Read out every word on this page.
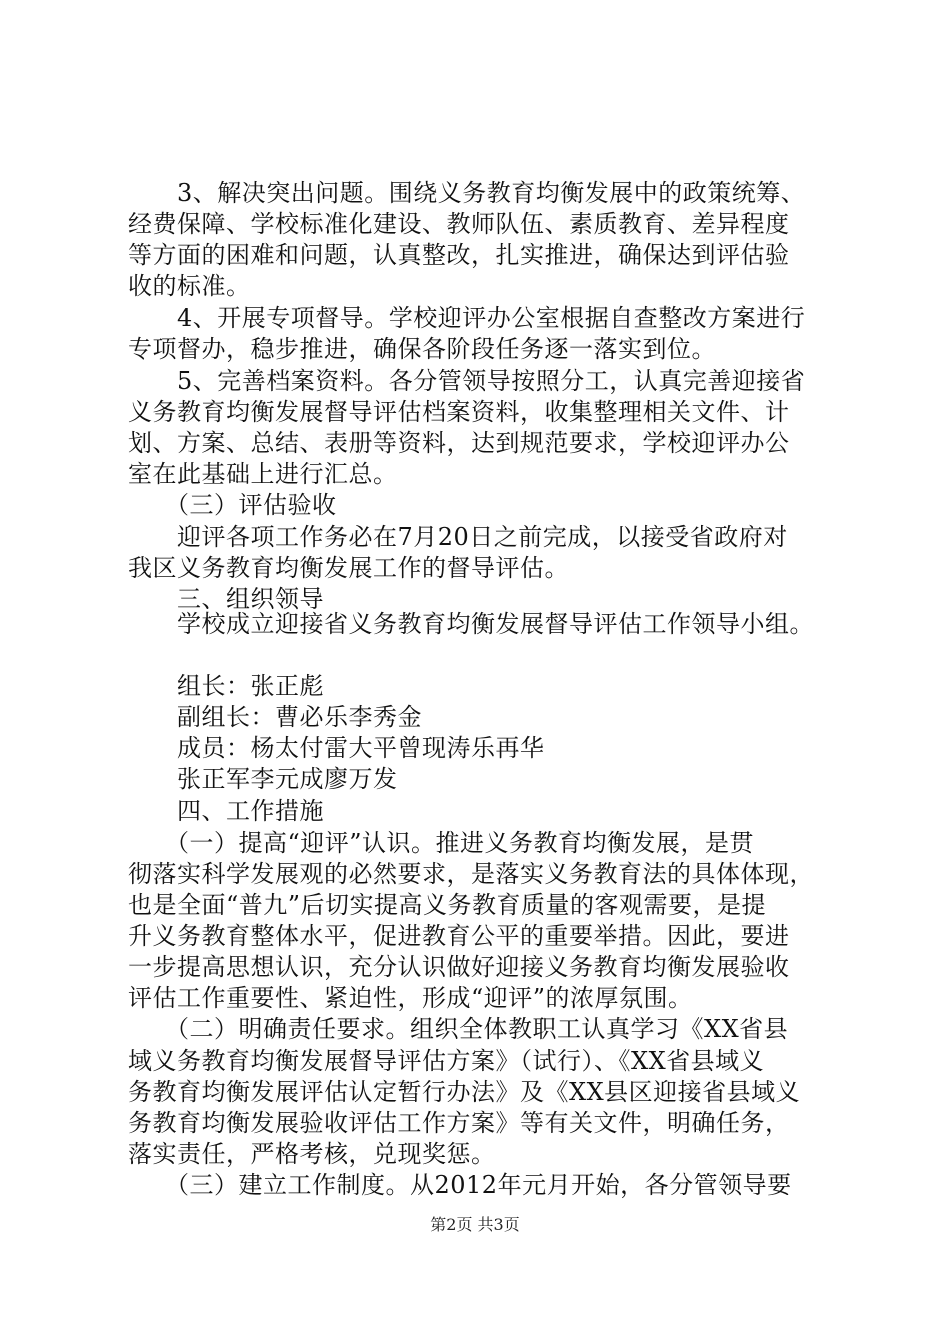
　　3、解决突出问题。围绕义务教育均衡发展中的政策统筹、
经费保障、学校标准化建设、教师队伍、素质教育、差异程度
等方面的困难和问题，认真整改，扎实推进，确保达到评估验
收的标准。
　　4、开展专项督导。学校迎评办公室根据自查整改方案进行
专项督办，稳步推进，确保各阶段任务逐一落实到位。
　　5、完善档案资料。各分管领导按照分工，认真完善迎接省
义务教育均衡发展督导评估档案资料，收集整理相关文件、计
划、方案、总结、表册等资料，达到规范要求，学校迎评办公
室在此基础上进行汇总。
　　（三）评估验收
　　迎评各项工作务必在7月20日之前完成，以接受省政府对
我区义务教育均衡发展工作的督导评估。
　　三、组织领导
　　学校成立迎接省义务教育均衡发展督导评估工作领导小组。
　　组长：张正彪
　　副组长：曹必乐李秀金
　　成员：杨太付雷大平曾现涛乐再华
　　张正军李元成廖万发
　　四、工作措施
　　（一）提高“迎评”认识。推进义务教育均衡发展，是贯
彻落实科学发展观的必然要求，是落实义务教育法的具体体现，
也是全面“普九”后切实提高义务教育质量的客观需要，是提
升义务教育整体水平，促进教育公平的重要举措。因此，要进
一步提高思想认识，充分认识做好迎接义务教育均衡发展验收
评估工作重要性、紧迫性，形成“迎评”的浓厚氛围。
　　（二）明确责任要求。组织全体教职工认真学习《XX省县
域义务教育均衡发展督导评估方案》（试行）、《XX省县域义
务教育均衡发展评估认定暂行办法》及《XX县区迎接省县域义
务教育均衡发展验收评估工作方案》等有关文件，明确任务，
落实责任，严格考核，兑现奖惩。
　　（三）建立工作制度。从2012年元月开始，各分管领导要
第2页 共3页
